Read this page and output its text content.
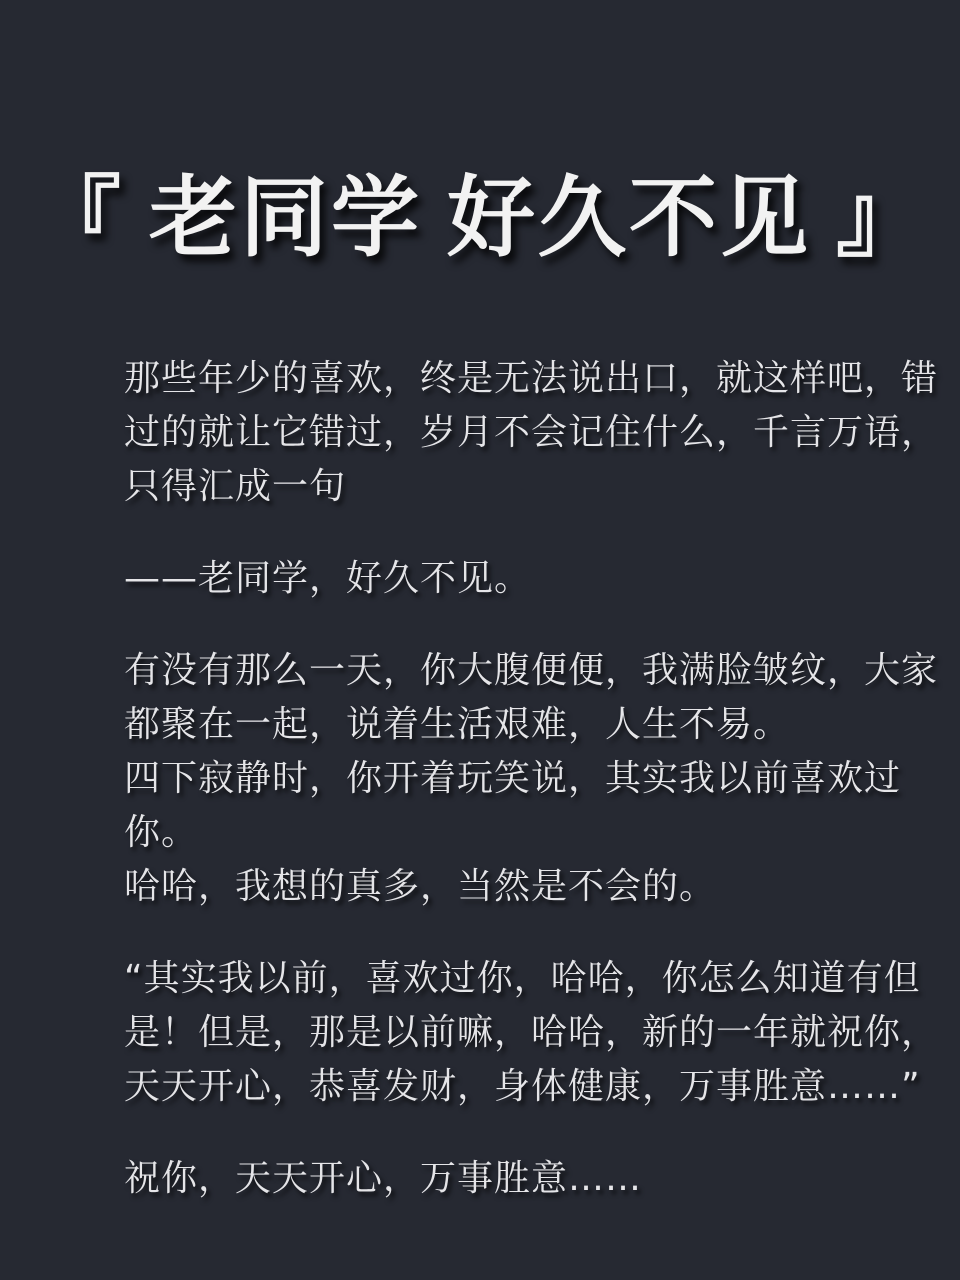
『 老同学 好久不见 』
那些年少的喜欢，终是无法说出口，就这样吧，错
过的就让它错过，岁月不会记住什么，千言万语，
只得汇成一句
——老同学，好久不见。
有没有那么一天，你大腹便便，我满脸皱纹，大家
都聚在一起，说着生活艰难，人生不易。
四下寂静时，你开着玩笑说，其实我以前喜欢过
你。
哈哈，我想的真多，当然是不会的。
“其实我以前，喜欢过你，哈哈，你怎么知道有但
是！但是，那是以前嘛，哈哈，新的一年就祝你，
天天开心，恭喜发财，身体健康，万事胜意……”
祝你，天天开心，万事胜意……
